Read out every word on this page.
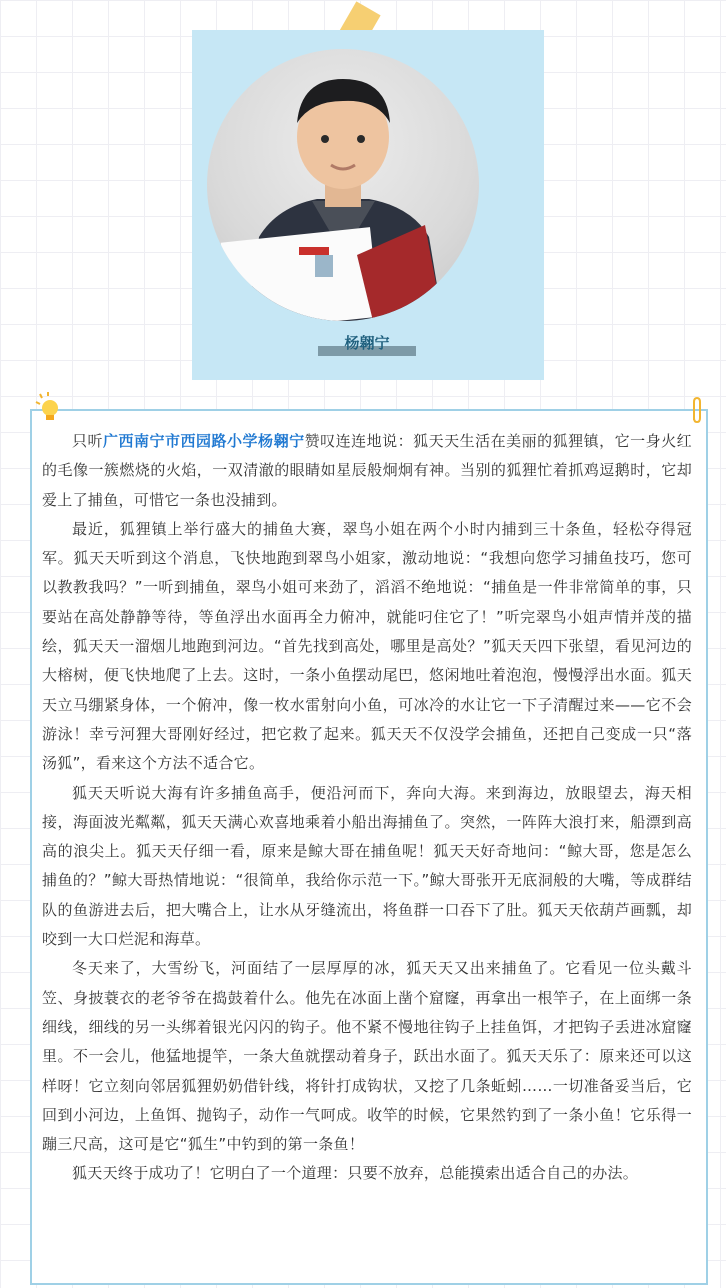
杨翱宁

只听广西南宁市西园路小学杨翱宁赞叹连连地说：狐天天生活在美丽的狐狸镇，它一身火红的毛像一簇燃烧的火焰，一双清澈的眼睛如星辰般炯炯有神。当别的狐狸忙着抓鸡逗鹅时，它却爱上了捕鱼，可惜它一条也没捕到。

最近，狐狸镇上举行盛大的捕鱼大赛，翠鸟小姐在两个小时内捕到三十条鱼，轻松夺得冠军。狐天天听到这个消息，飞快地跑到翠鸟小姐家，激动地说：“我想向您学习捕鱼技巧，您可以教教我吗？”一听到捕鱼，翠鸟小姐可来劲了，滔滔不绝地说：“捕鱼是一件非常简单的事，只要站在高处静静等待，等鱼浮出水面再全力俯冲，就能叼住它了！”听完翠鸟小姐声情并茂的描绘，狐天天一溜烟儿地跑到河边。“首先找到高处，哪里是高处？”狐天天四下张望，看见河边的大榕树，便飞快地爬了上去。这时，一条小鱼摆动尾巴，悠闲地吐着泡泡，慢慢浮出水面。狐天天立马绷紧身体，一个俯冲，像一枚水雷射向小鱼，可冰冷的水让它一下子清醒过来——它不会游泳！幸亏河狸大哥刚好经过，把它救了起来。狐天天不仅没学会捕鱼，还把自己变成一只“落汤狐”，看来这个方法不适合它。

狐天天听说大海有许多捕鱼高手，便沿河而下，奔向大海。来到海边，放眼望去，海天相接，海面波光粼粼，狐天天满心欢喜地乘着小船出海捕鱼了。突然，一阵阵大浪打来，船漂到高高的浪尖上。狐天天仔细一看，原来是鲸大哥在捕鱼呢！狐天天好奇地问：“鲸大哥，您是怎么捕鱼的？”鲸大哥热情地说：“很简单，我给你示范一下。”鲸大哥张开无底洞般的大嘴，等成群结队的鱼游进去后，把大嘴合上，让水从牙缝流出，将鱼群一口吞下了肚。狐天天依葫芦画瓢，却咬到一大口烂泥和海草。

冬天来了，大雪纷飞，河面结了一层厚厚的冰，狐天天又出来捕鱼了。它看见一位头戴斗笠、身披蓑衣的老爷爷在捣鼓着什么。他先在冰面上凿个窟窿，再拿出一根竿子，在上面绑一条细线，细线的另一头绑着银光闪闪的钩子。他不紧不慢地往钩子上挂鱼饵，才把钩子丢进冰窟窿里。不一会儿，他猛地提竿，一条大鱼就摆动着身子，跃出水面了。狐天天乐了：原来还可以这样呀！它立刻向邻居狐狸奶奶借针线，将针打成钩状，又挖了几条蚯蚓……一切准备妥当后，它回到小河边，上鱼饵、抛钩子，动作一气呵成。收竿的时候，它果然钓到了一条小鱼！它乐得一蹦三尺高，这可是它“狐生”中钓到的第一条鱼！

狐天天终于成功了！它明白了一个道理：只要不放弃，总能摸索出适合自己的办法。
